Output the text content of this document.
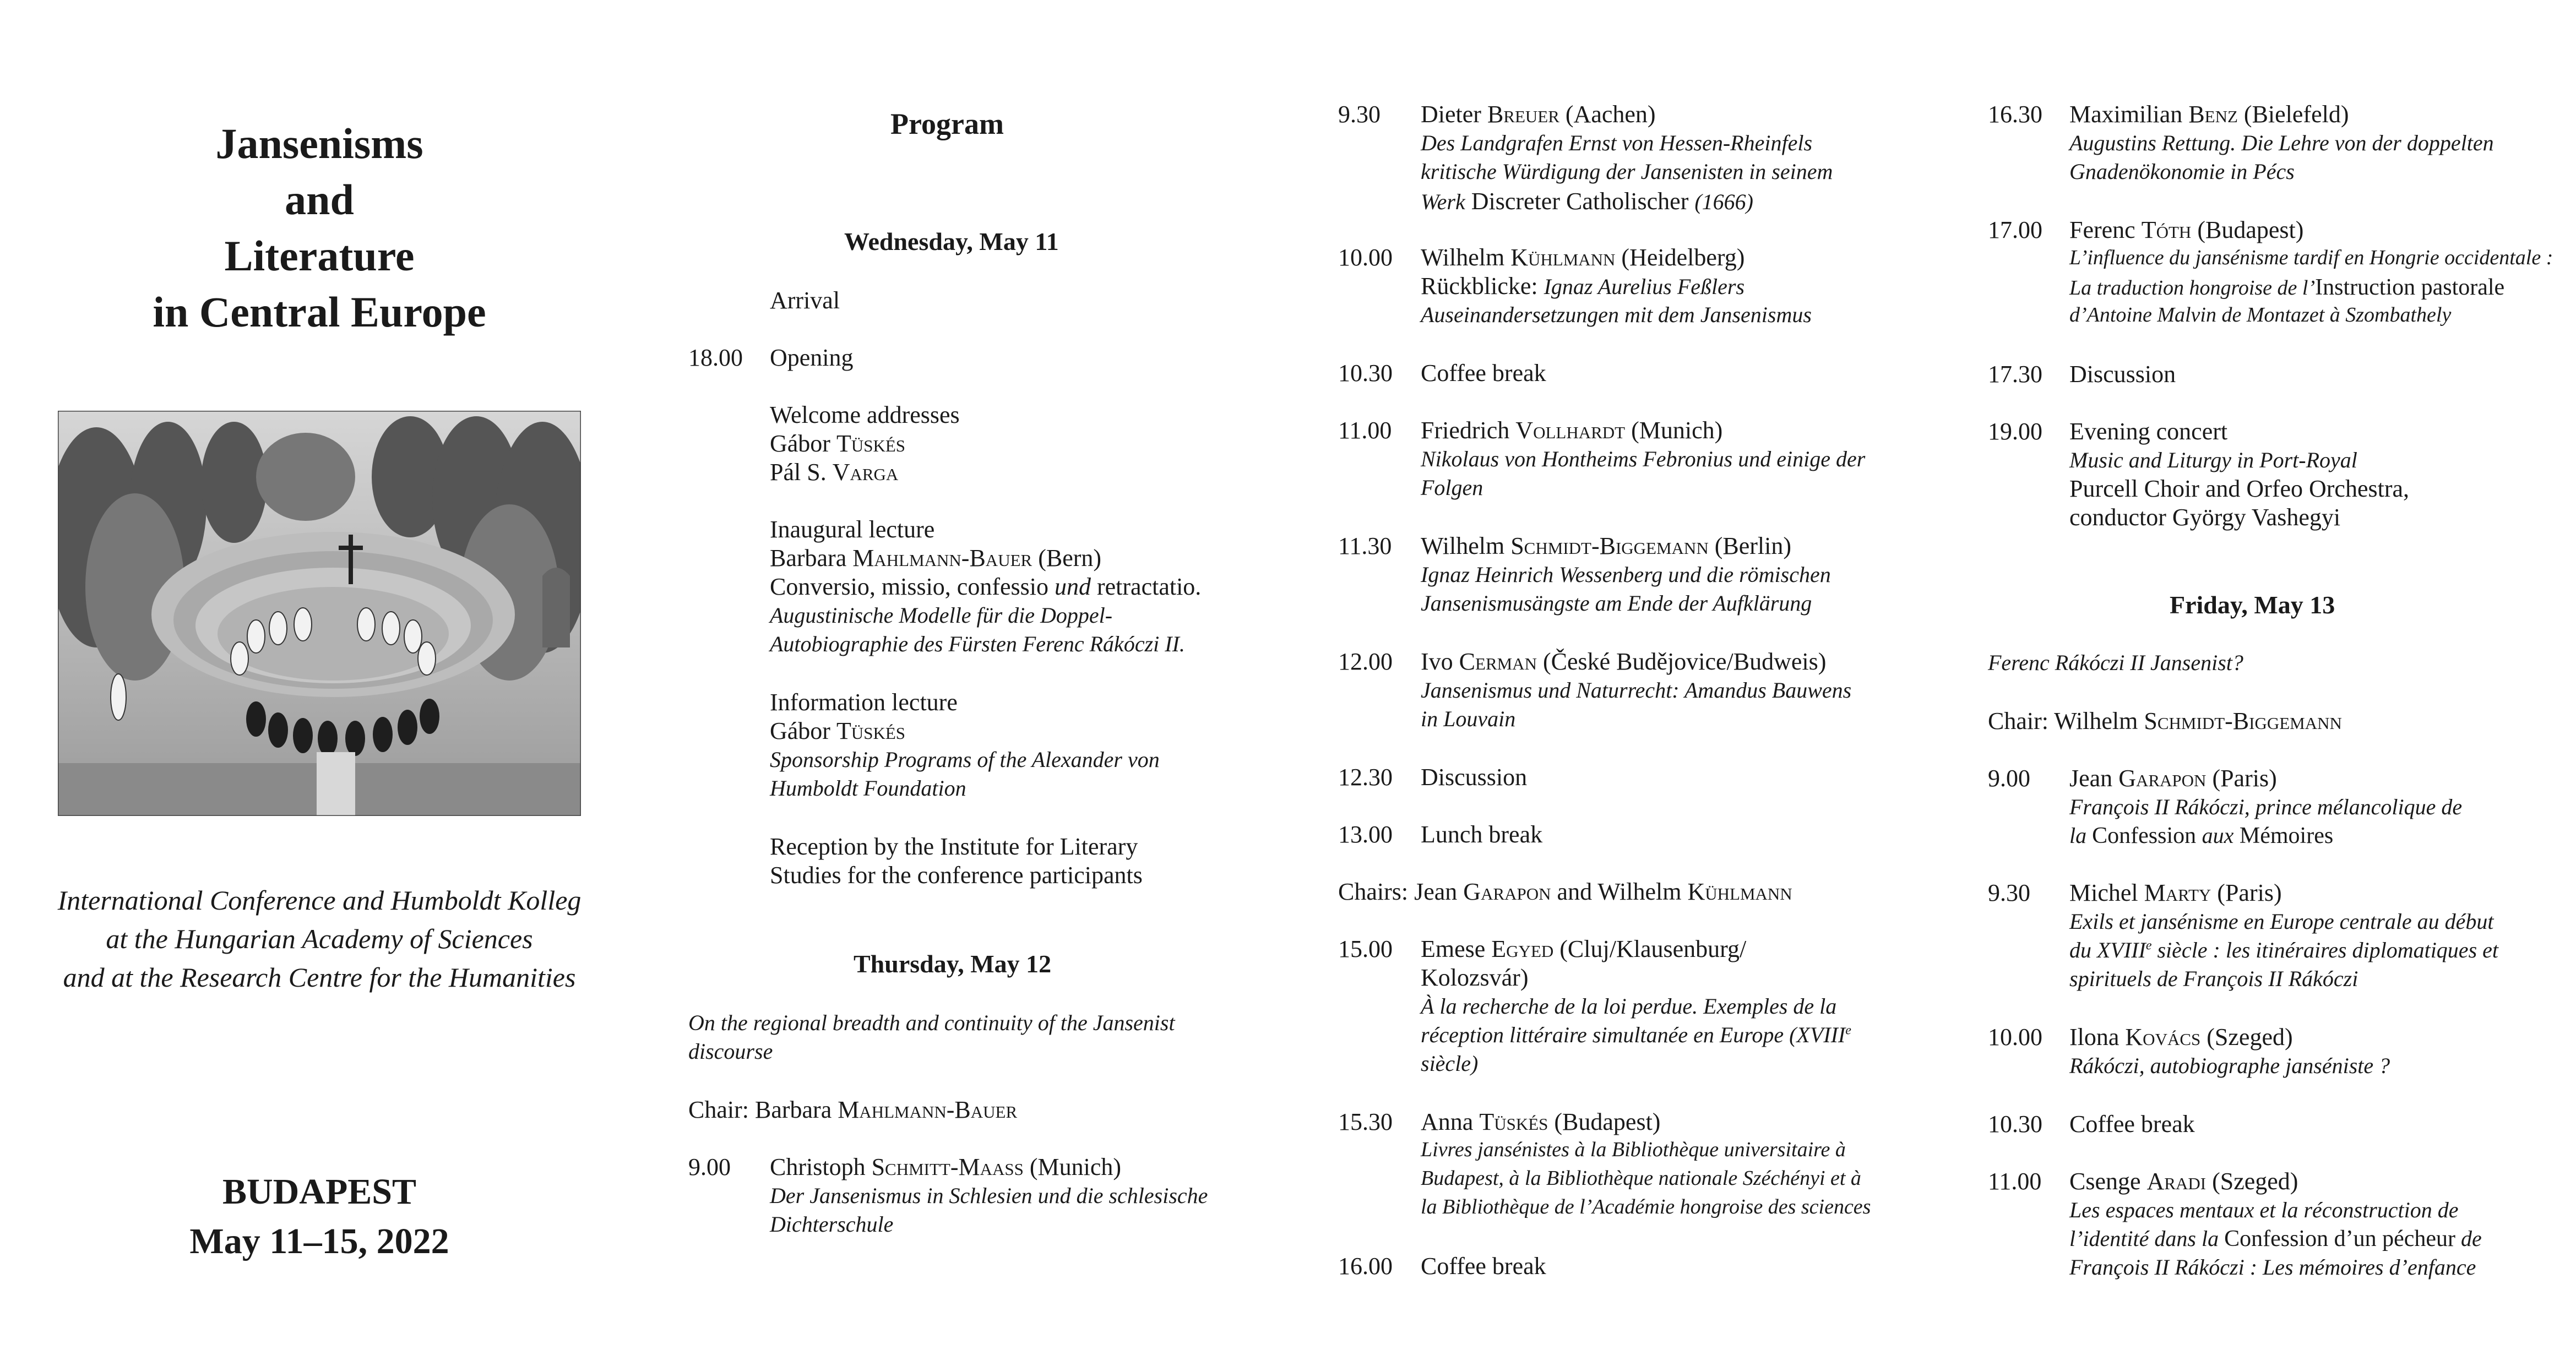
Jansenisms
and
Literature
in Central Europe
International Conference and Humboldt Kolleg
at the Hungarian Academy of Sciences
and at the Research Centre for the Humanities
BUDAPEST
May 11–15, 2022
Program
Wednesday, May 11
Arrival
18.00 Opening
Welcome addresses
Gábor Tüskés
Pál S. Varga
Inaugural lecture
Barbara Mahlmann-Bauer (Bern)
Conversio, missio, confessio und retractatio.
Augustinische Modelle für die Doppel-
Autobiographie des Fürsten Ferenc Rákóczi II.
Information lecture
Gábor Tüskés
Sponsorship Programs of the Alexander von
Humboldt Foundation
Reception by the Institute for Literary
Studies for the conference participants
Thursday, May 12
On the regional breadth and continuity of the Jansenist
discourse
Chair: Barbara Mahlmann-Bauer
9.00 Christoph Schmitt-Maass (Munich)
Der Jansenismus in Schlesien und die schlesische
Dichterschule
9.30 Dieter Breuer (Aachen)
Des Landgrafen Ernst von Hessen-Rheinfels
kritische Würdigung der Jansenisten in seinem
Werk Discreter Catholischer (1666)
10.00 Wilhelm Kühlmann (Heidelberg)
Rückblicke: Ignaz Aurelius Feßlers
Auseinandersetzungen mit dem Jansenismus
10.30 Coffee break
11.00 Friedrich Vollhardt (Munich)
Nikolaus von Hontheims Febronius und einige der
Folgen
11.30 Wilhelm Schmidt-Biggemann (Berlin)
Ignaz Heinrich Wessenberg und die römischen
Jansenismusängste am Ende der Aufklärung
12.00 Ivo Cerman (České Budějovice/Budweis)
Jansenismus und Naturrecht: Amandus Bauwens
in Louvain
12.30 Discussion
13.00 Lunch break
Chairs: Jean Garapon and Wilhelm Kühlmann
15.00 Emese Egyed (Cluj/Klausenburg/
Kolozsvár)
À la recherche de la loi perdue. Exemples de la
réception littéraire simultanée en Europe (XVIIIe
siècle)
15.30 Anna Tüskés (Budapest)
Livres jansénistes à la Bibliothèque universitaire à
Budapest, à la Bibliothèque nationale Széchényi et à
la Bibliothèque de l’Académie hongroise des sciences
16.00 Coffee break
16.30 Maximilian Benz (Bielefeld)
Augustins Rettung. Die Lehre von der doppelten
Gnadenökonomie in Pécs
17.00 Ferenc Tóth (Budapest)
L’influence du jansénisme tardif en Hongrie occidentale :
La traduction hongroise de l’Instruction pastorale
d’Antoine Malvin de Montazet à Szombathely
17.30 Discussion
19.00 Evening concert
Music and Liturgy in Port-Royal
Purcell Choir and Orfeo Orchestra,
conductor György Vashegyi
Friday, May 13
Ferenc Rákóczi II Jansenist?
Chair: Wilhelm Schmidt-Biggemann
9.00 Jean Garapon (Paris)
François II Rákóczi, prince mélancolique de
la Confession aux Mémoires
9.30 Michel Marty (Paris)
Exils et jansénisme en Europe centrale au début
du XVIIIe siècle : les itinéraires diplomatiques et
spirituels de François II Rákóczi
10.00 Ilona Kovács (Szeged)
Rákóczi, autobiographe janséniste ?
10.30 Coffee break
11.00 Csenge Aradi (Szeged)
Les espaces mentaux et la réconstruction de
l’identité dans la Confession d’un pécheur de
François II Rákóczi : Les mémoires d’enfance
